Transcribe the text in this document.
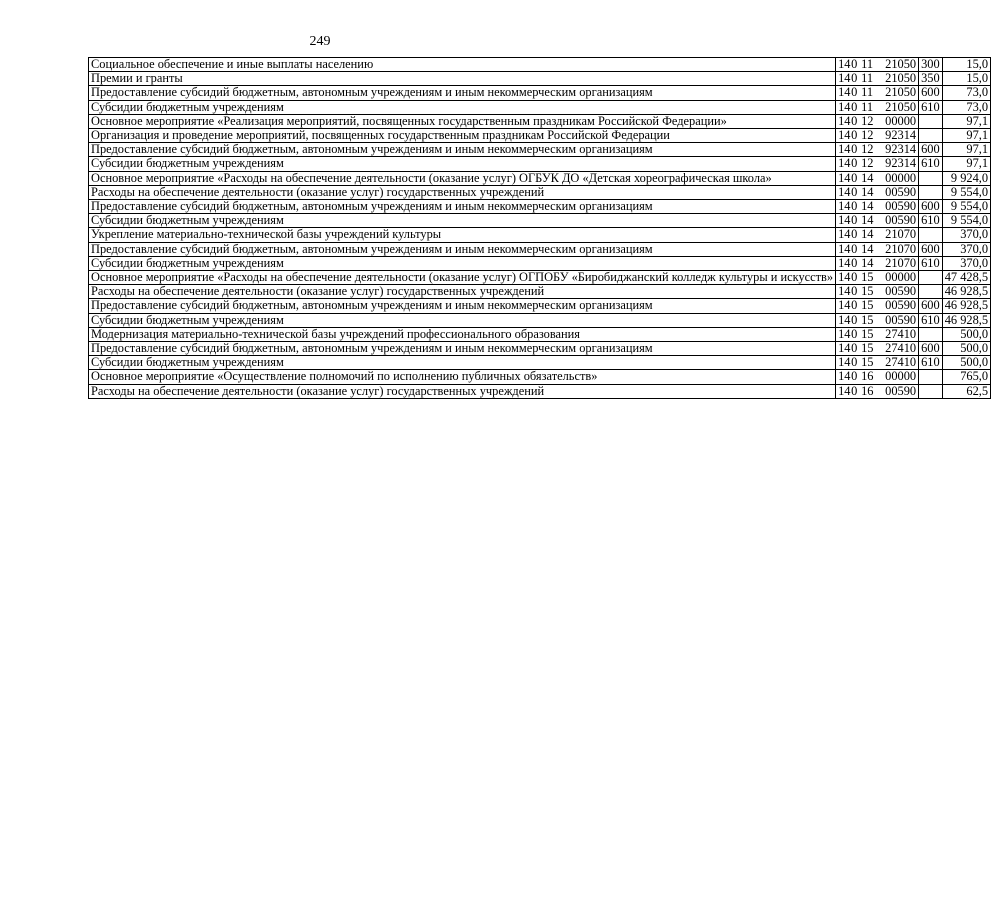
249
Социальное обеспечение и иные выплаты населению	140 11 21050	300	15,0
Премии и гранты	140 11 21050	350	15,0
Предоставление субсидий бюджетным, автономным учреждениям и иным некоммерческим организациям	140 11 21050	600	73,0
Субсидии бюджетным учреждениям	140 11 21050	610	73,0
Основное мероприятие «Реализация мероприятий, посвященных государственным праздникам Российской Федерации»	140 12 00000		97,1
Организация и проведение мероприятий, посвященных государственным праздникам Российской Федерации	140 12 92314		97,1
Предоставление субсидий бюджетным, автономным учреждениям и иным некоммерческим организациям	140 12 92314	600	97,1
Субсидии бюджетным учреждениям	140 12 92314	610	97,1
Основное мероприятие «Расходы на обеспечение деятельности (оказание услуг) ОГБУК ДО «Детская хореографическая школа»	140 14 00000		9 924,0
Расходы на обеспечение деятельности (оказание услуг) государственных учреждений	140 14 00590		9 554,0
Предоставление субсидий бюджетным, автономным учреждениям и иным некоммерческим организациям	140 14 00590	600	9 554,0
Субсидии бюджетным учреждениям	140 14 00590	610	9 554,0
Укрепление материально-технической базы учреждений культуры	140 14 21070		370,0
Предоставление субсидий бюджетным, автономным учреждениям и иным некоммерческим организациям	140 14 21070	600	370,0
Субсидии бюджетным учреждениям	140 14 21070	610	370,0
Основное мероприятие «Расходы на обеспечение деятельности (оказание услуг) ОГПОБУ «Биробиджанский колледж культуры и искусств»	140 15 00000		47 428,5
Расходы на обеспечение деятельности (оказание услуг) государственных учреждений	140 15 00590		46 928,5
Предоставление субсидий бюджетным, автономным учреждениям и иным некоммерческим организациям	140 15 00590	600	46 928,5
Субсидии бюджетным учреждениям	140 15 00590	610	46 928,5
Модернизация материально-технической базы учреждений профессионального образования	140 15 27410		500,0
Предоставление субсидий бюджетным, автономным учреждениям и иным некоммерческим организациям	140 15 27410	600	500,0
Субсидии бюджетным учреждениям	140 15 27410	610	500,0
Основное мероприятие «Осуществление полномочий по исполнению публичных обязательств»	140 16 00000		765,0
Расходы на обеспечение деятельности (оказание услуг) государственных учреждений	140 16 00590		62,5
